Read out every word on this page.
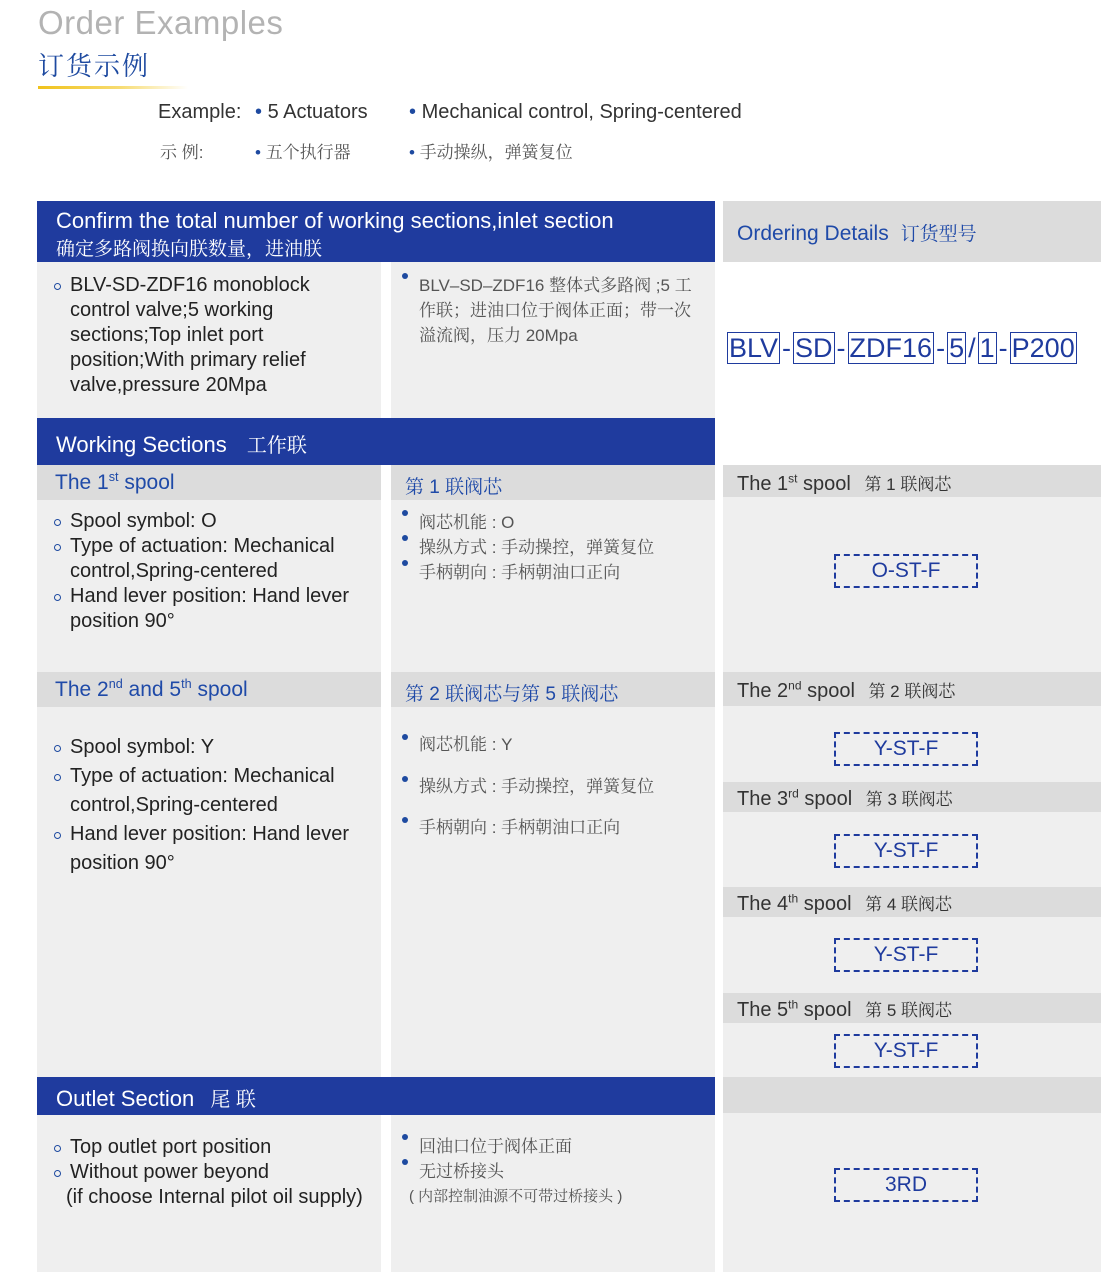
Order Examples
订货示例
Example: • 5 Actuators • Mechanical control, Spring-centered
示 例:	• 五个执行器	• 手动操纵，弹簧复位
Confirm the total number of working sections,inlet section
确定多路阀换向朕数量，进油朕
Ordering Details 订货型号
BLV-SD-ZDF16 monoblock control valve;5 working sections;Top inlet port position;With primary relief valve,pressure 20Mpa
BLV–SD–ZDF16 整体式多路阀 ;5 工作联；进油口位于阀体正面；带一次溢流阀，压力 20Mpa	BLV - SD - ZDF16 - 5 / 1 - P200
Working Sections 工作联
The 1st spool	第 1 联阀芯	The 1st spool 第 1 联阀芯
Spool symbol: O
Type of actuation: Mechanical control,Spring-centered
Hand lever position: Hand lever position 90°
阀芯机能 : O
操纵方式 : 手动操控，弹簧复位
手柄朝向 : 手柄朝油口正向	O-ST-F
The 2nd and 5th spool	第 2 联阀芯与第 5 联阀芯	The 2nd spool 第 2 联阀芯
Spool symbol: Y
Type of actuation: Mechanical control,Spring-centered
Hand lever position: Hand lever position 90°
阀芯机能 : Y
操纵方式 : 手动操控，弹簧复位
手柄朝向 : 手柄朝油口正向
Y-ST-F
The 3rd spool 第 3 联阀芯
Y-ST-F
The 4th spool 第 4 联阀芯
Y-ST-F
The 5th spool 第 5 联阀芯
Y-ST-F
Outlet Section 尾 联
Top outlet port position
Without power beyond
(if choose Internal pilot oil supply)
回油口位于阀体正面
无过桥接头
( 内部控制油源不可带过桥接头 )
3RD
